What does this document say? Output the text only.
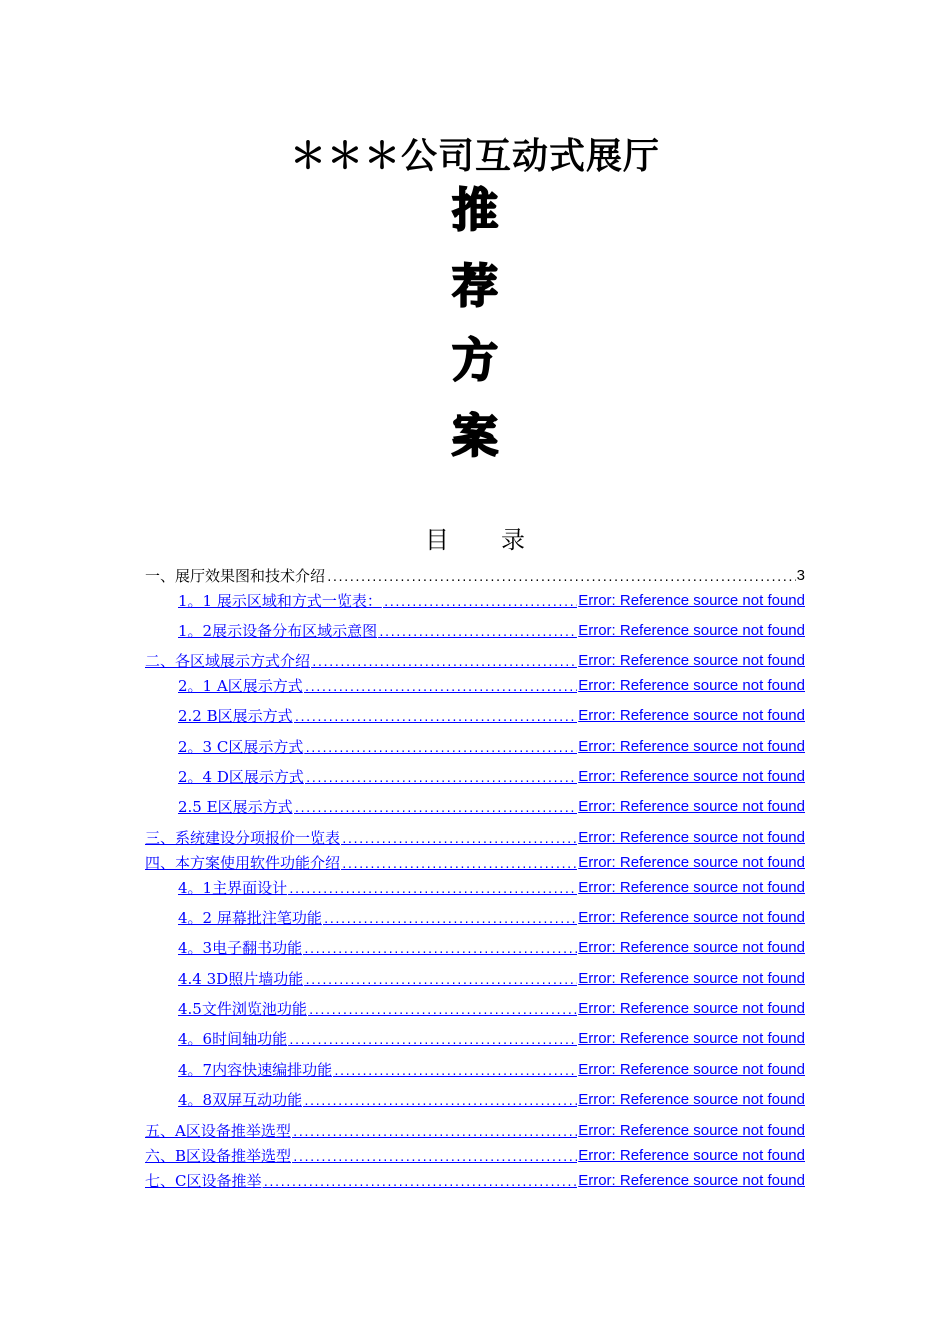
＊＊＊公司互动式展厅
推
荐
方
案
目 录
一、展厅效果图和技术介绍 .....	3
1。1 展示区域和方式一览表： .....	Error: Reference source not found
1。2展示设备分布区域示意图 .....	Error: Reference source not found
二、各区域展示方式介绍 .....	Error: Reference source not found
2。1 A区展示方式 .....	Error: Reference source not found
2.2 B区展示方式 .....	Error: Reference source not found
2。3 C区展示方式 .....	Error: Reference source not found
2。4 D区展示方式 .....	Error: Reference source not found
2.5 E区展示方式 .....	Error: Reference source not found
三、系统建设分项报价一览表 .....	Error: Reference source not found
四、本方案使用软件功能介绍 .....	Error: Reference source not found
4。1主界面设计 .....	Error: Reference source not found
4。2 屏幕批注笔功能 .....	Error: Reference source not found
4。3电子翻书功能 .....	Error: Reference source not found
4.4 3D照片墙功能 .....	Error: Reference source not found
4.5文件浏览池功能 .....	Error: Reference source not found
4。6时间轴功能 .....	Error: Reference source not found
4。7内容快速编排功能 .....	Error: Reference source not found
4。8双屏互动功能 .....	Error: Reference source not found
五、A区设备推举选型 .....	Error: Reference source not found
六、B区设备推举选型 .....	Error: Reference source not found
七、C区设备推举 .....	Error: Reference source not found
